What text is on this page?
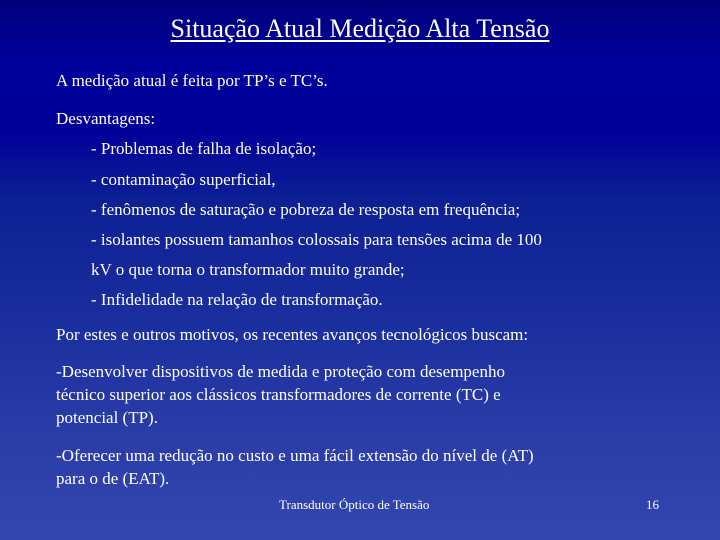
Situação Atual Medição Alta Tensão
A medição atual é feita por TP’s e TC’s.
Desvantagens:
- Problemas de falha de isolação;
- contaminação superficial,
- fenômenos de saturação e pobreza de resposta em frequência;
- isolantes possuem tamanhos colossais para tensões acima de 100
kV o que torna o transformador muito grande;
- Infidelidade na relação de transformação.
Por estes e outros motivos, os recentes avanços tecnológicos buscam:
-Desenvolver dispositivos de medida e proteção com desempenho
técnico superior aos clássicos transformadores de corrente (TC) e
potencial (TP).
-Oferecer uma redução no custo e uma fácil extensão do nível de (AT)
para o de (EAT).
Transdutor Óptico de Tensão	16
